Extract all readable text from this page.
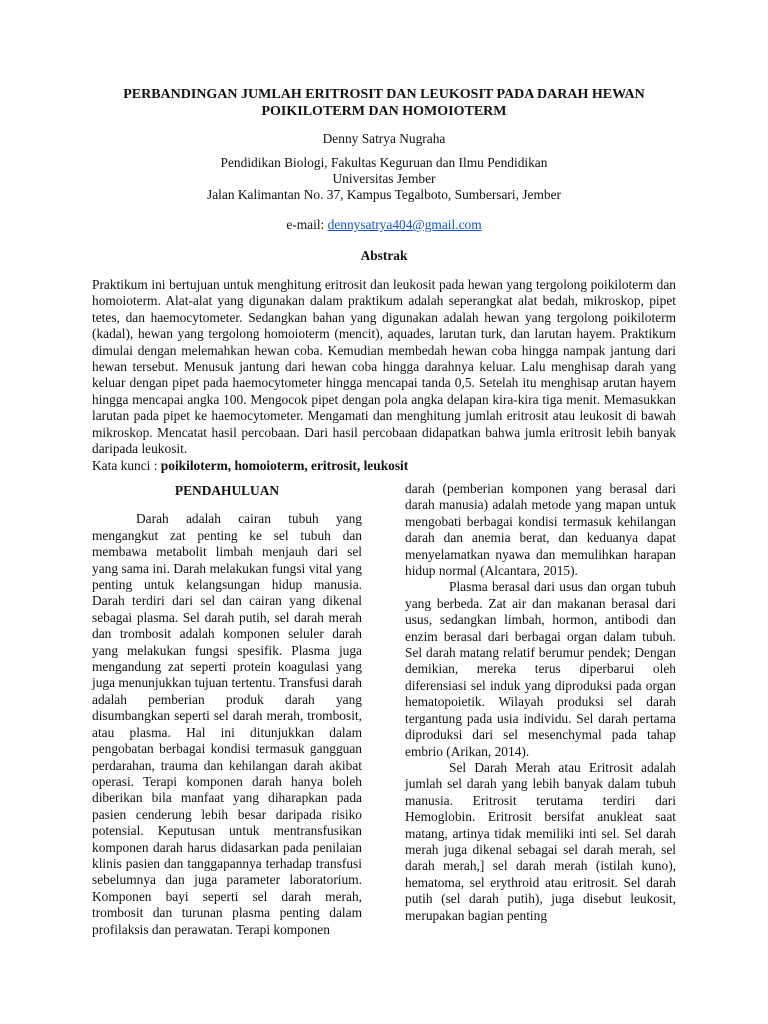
PERBANDINGAN JUMLAH ERITROSIT DAN LEUKOSIT PADA DARAH HEWAN POIKILOTERM DAN HOMOIOTERM

Denny Satrya Nugraha

Pendidikan Biologi, Fakultas Keguruan dan Ilmu Pendidikan

Universitas Jember

Jalan Kalimantan No. 37, Kampus Tegalboto, Sumbersari, Jember

e-mail: dennysatrya404@gmail.com

Abstrak

Praktikum ini bertujuan untuk menghitung eritrosit dan leukosit pada hewan yang tergolong poikiloterm dan homoioterm. Alat-alat yang digunakan dalam praktikum adalah seperangkat alat bedah, mikroskop, pipet tetes, dan haemocytometer. Sedangkan bahan yang digunakan adalah hewan yang tergolong poikiloterm (kadal), hewan yang tergolong homoioterm (mencit), aquades, larutan turk, dan larutan hayem. Praktikum dimulai dengan melemahkan hewan coba. Kemudian membedah hewan coba hingga nampak jantung dari hewan tersebut. Menusuk jantung dari hewan coba hingga darahnya keluar. Lalu menghisap darah yang keluar dengan pipet pada haemocytometer hingga mencapai tanda 0,5. Setelah itu menghisap arutan hayem hingga mencapai angka 100. Mengocok pipet dengan pola angka delapan kira-kira tiga menit. Memasukkan larutan pada pipet ke haemocytometer. Mengamati dan menghitung jumlah eritrosit atau leukosit di bawah mikroskop. Mencatat hasil percobaan. Dari hasil percobaan didapatkan bahwa jumla eritrosit lebih banyak daripada leukosit.

Kata kunci : poikiloterm, homoioterm, eritrosit, leukosit

PENDAHULUAN

Darah adalah cairan tubuh yang mengangkut zat penting ke sel tubuh dan membawa metabolit limbah menjauh dari sel yang sama ini. Darah melakukan fungsi vital yang penting untuk kelangsungan hidup manusia. Darah terdiri dari sel dan cairan yang dikenal sebagai plasma. Sel darah putih, sel darah merah dan trombosit adalah komponen seluler darah yang melakukan fungsi spesifik. Plasma juga mengandung zat seperti protein koagulasi yang juga menunjukkan tujuan tertentu. Transfusi darah adalah pemberian produk darah yang disumbangkan seperti sel darah merah, trombosit, atau plasma. Hal ini ditunjukkan dalam pengobatan berbagai kondisi termasuk gangguan perdarahan, trauma dan kehilangan darah akibat operasi. Terapi komponen darah hanya boleh diberikan bila manfaat yang diharapkan pada pasien cenderung lebih besar daripada risiko potensial. Keputusan untuk mentransfusikan komponen darah harus didasarkan pada penilaian klinis pasien dan tanggapannya terhadap transfusi sebelumnya dan juga parameter laboratorium. Komponen bayi seperti sel darah merah, trombosit dan turunan plasma penting dalam profilaksis dan perawatan. Terapi komponen

darah (pemberian komponen yang berasal dari darah manusia) adalah metode yang mapan untuk mengobati berbagai kondisi termasuk kehilangan darah dan anemia berat, dan keduanya dapat menyelamatkan nyawa dan memulihkan harapan hidup normal (Alcantara, 2015).

Plasma berasal dari usus dan organ tubuh yang berbeda. Zat air dan makanan berasal dari usus, sedangkan limbah, hormon, antibodi dan enzim berasal dari berbagai organ dalam tubuh. Sel darah matang relatif berumur pendek; Dengan demikian, mereka terus diperbarui oleh diferensiasi sel induk yang diproduksi pada organ hematopoietik. Wilayah produksi sel darah tergantung pada usia individu. Sel darah pertama diproduksi dari sel mesenchymal pada tahap embrio (Arikan, 2014).

Sel Darah Merah atau Eritrosit adalah jumlah sel darah yang lebih banyak dalam tubuh manusia. Eritrosit terutama terdiri dari Hemoglobin. Eritrosit bersifat anukleat saat matang, artinya tidak memiliki inti sel. Sel darah merah juga dikenal sebagai sel darah merah, sel darah merah,] sel darah merah (istilah kuno), hematoma, sel erythroid atau eritrosit. Sel darah putih (sel darah putih), juga disebut leukosit, merupakan bagian penting
